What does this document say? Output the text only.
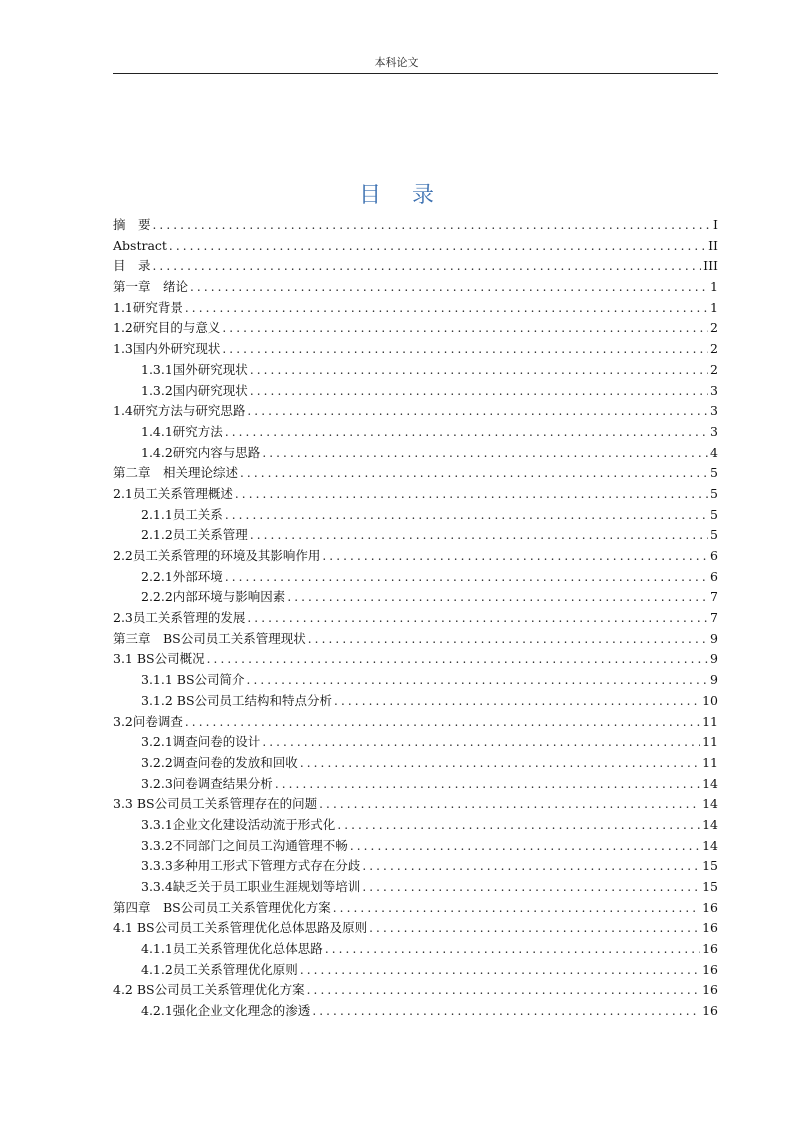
本科论文
目 录
摘　要 .....	I
Abstract .....	II
目　录 .....	III
第一章　绪论 .....	1
1.1研究背景 .....	1
1.2研究目的与意义 .....	2
1.3国内外研究现状 .....	2
1.3.1国外研究现状 .....	2
1.3.2国内研究现状 .....	3
1.4研究方法与研究思路 .....	3
1.4.1研究方法 .....	3
1.4.2研究内容与思路 .....	4
第二章　相关理论综述 .....	5
2.1员工关系管理概述 .....	5
2.1.1员工关系 .....	5
2.1.2员工关系管理 .....	5
2.2员工关系管理的环境及其影响作用 .....	6
2.2.1外部环境 .....	6
2.2.2内部环境与影响因素 .....	7
2.3员工关系管理的发展 .....	7
第三章　BS公司员工关系管理现状 .....	9
3.1 BS公司概况 .....	9
3.1.1 BS公司简介 .....	9
3.1.2 BS公司员工结构和特点分析 .....	10
3.2问卷调查 .....	11
3.2.1调查问卷的设计 .....	11
3.2.2调查问卷的发放和回收 .....	11
3.2.3问卷调查结果分析 .....	14
3.3 BS公司员工关系管理存在的问题 .....	14
3.3.1企业文化建设活动流于形式化 .....	14
3.3.2不同部门之间员工沟通管理不畅 .....	14
3.3.3多种用工形式下管理方式存在分歧 .....	15
3.3.4缺乏关于员工职业生涯规划等培训 .....	15
第四章　BS公司员工关系管理优化方案 .....	16
4.1 BS公司员工关系管理优化总体思路及原则 .....	16
4.1.1员工关系管理优化总体思路 .....	16
4.1.2员工关系管理优化原则 .....	16
4.2 BS公司员工关系管理优化方案 .....	16
4.2.1强化企业文化理念的渗透 .....	16
